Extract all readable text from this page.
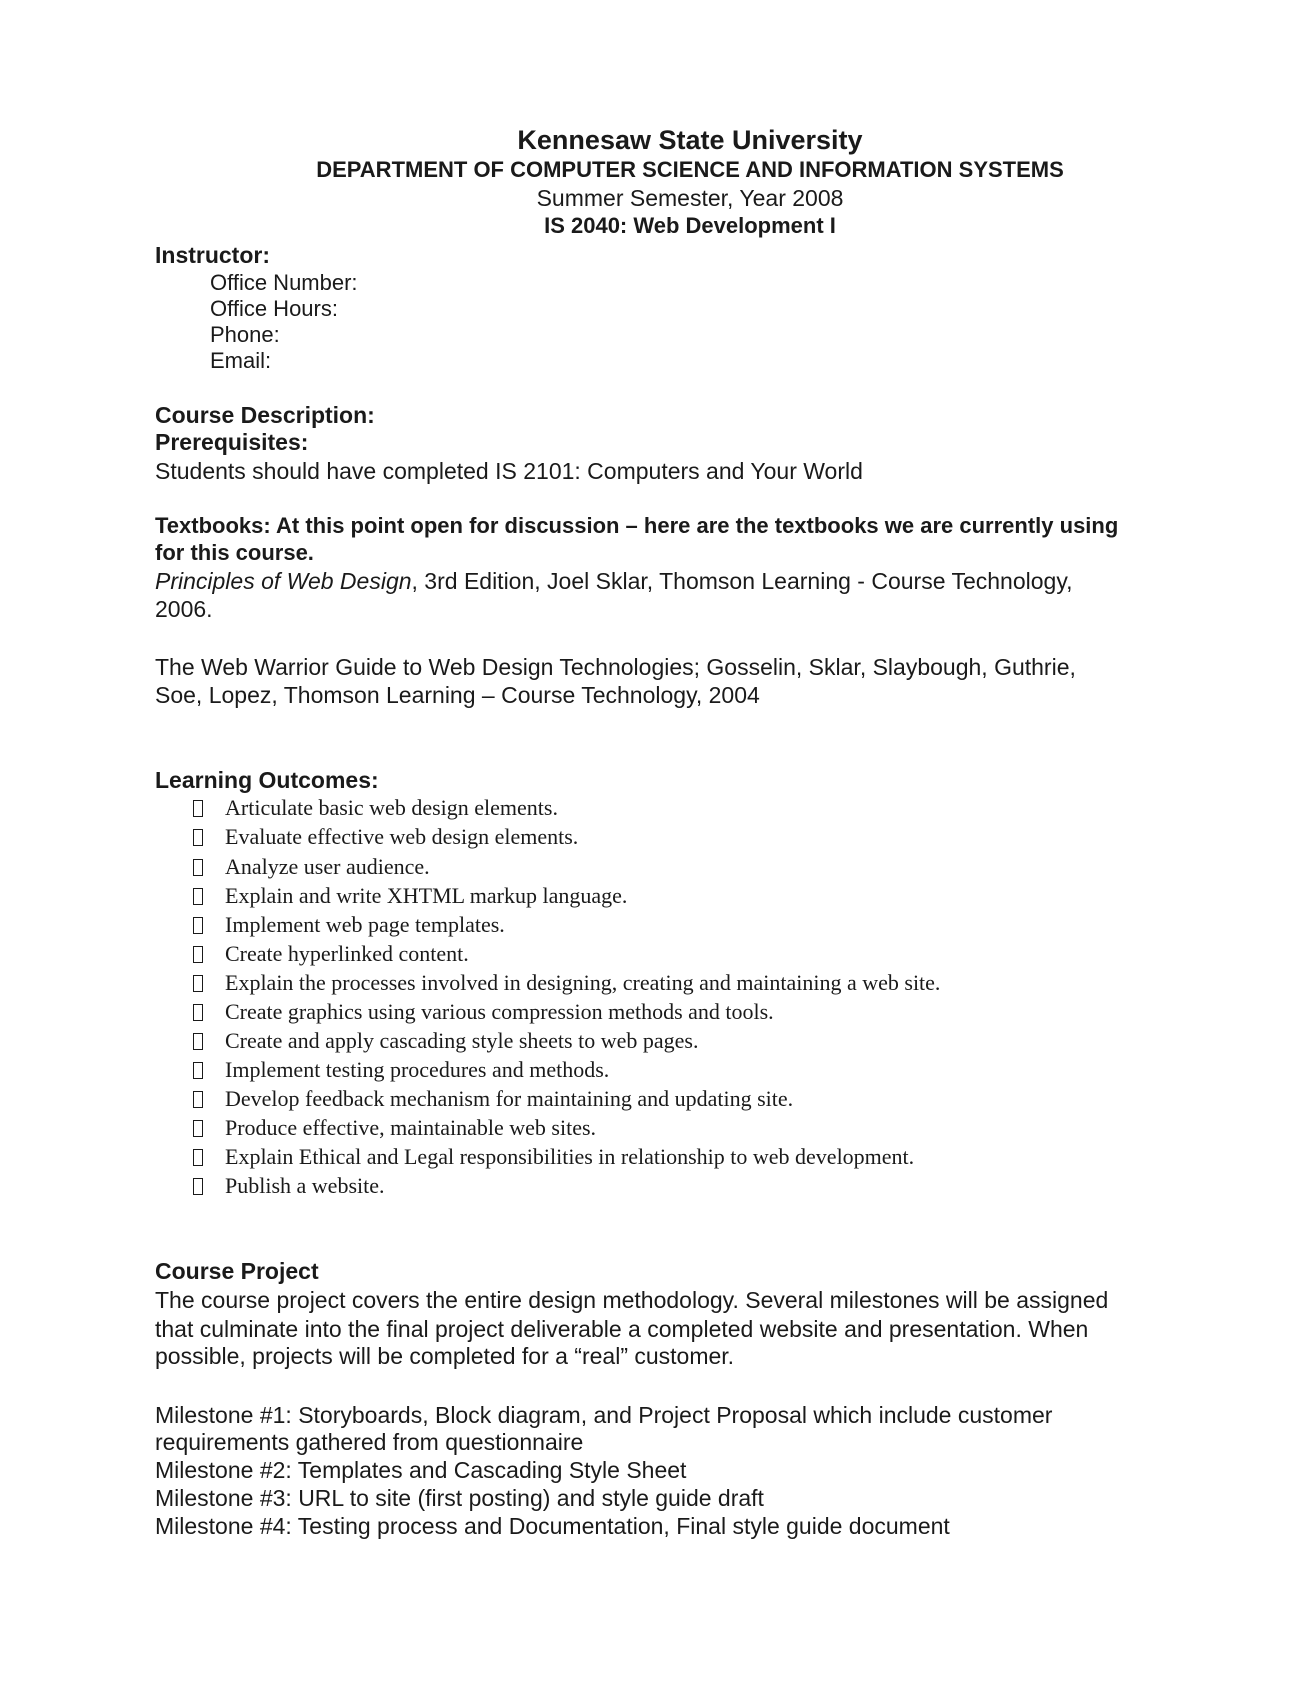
Kennesaw State University
DEPARTMENT OF COMPUTER SCIENCE AND INFORMATION SYSTEMS
Summer Semester, Year 2008
IS 2040: Web Development I
Instructor:
Office Number:
Office Hours:
Phone:
Email:
Course Description:
Prerequisites:
Students should have completed IS 2101: Computers and Your World
Textbooks: At this point open for discussion – here are the textbooks we are currently using
for this course.
Principles of Web Design, 3rd Edition, Joel Sklar, Thomson Learning - Course Technology,
2006.
The Web Warrior Guide to Web Design Technologies; Gosselin, Sklar, Slaybough, Guthrie,
Soe, Lopez, Thomson Learning – Course Technology, 2004
Learning Outcomes:
Articulate basic web design elements.
Evaluate effective web design elements.
Analyze user audience.
Explain and write XHTML markup language.
Implement web page templates.
Create hyperlinked content.
Explain the processes involved in designing, creating and maintaining a web site.
Create graphics using various compression methods and tools.
Create and apply cascading style sheets to web pages.
Implement testing procedures and methods.
Develop feedback mechanism for maintaining and updating site.
Produce effective, maintainable web sites.
Explain Ethical and Legal responsibilities in relationship to web development.
Publish a website.
Course Project
The course project covers the entire design methodology. Several milestones will be assigned
that culminate into the final project deliverable a completed website and presentation. When
possible, projects will be completed for a “real” customer.
Milestone #1: Storyboards, Block diagram, and Project Proposal which include customer
requirements gathered from questionnaire
Milestone #2: Templates and Cascading Style Sheet
Milestone #3: URL to site (first posting) and style guide draft
Milestone #4: Testing process and Documentation, Final style guide document
